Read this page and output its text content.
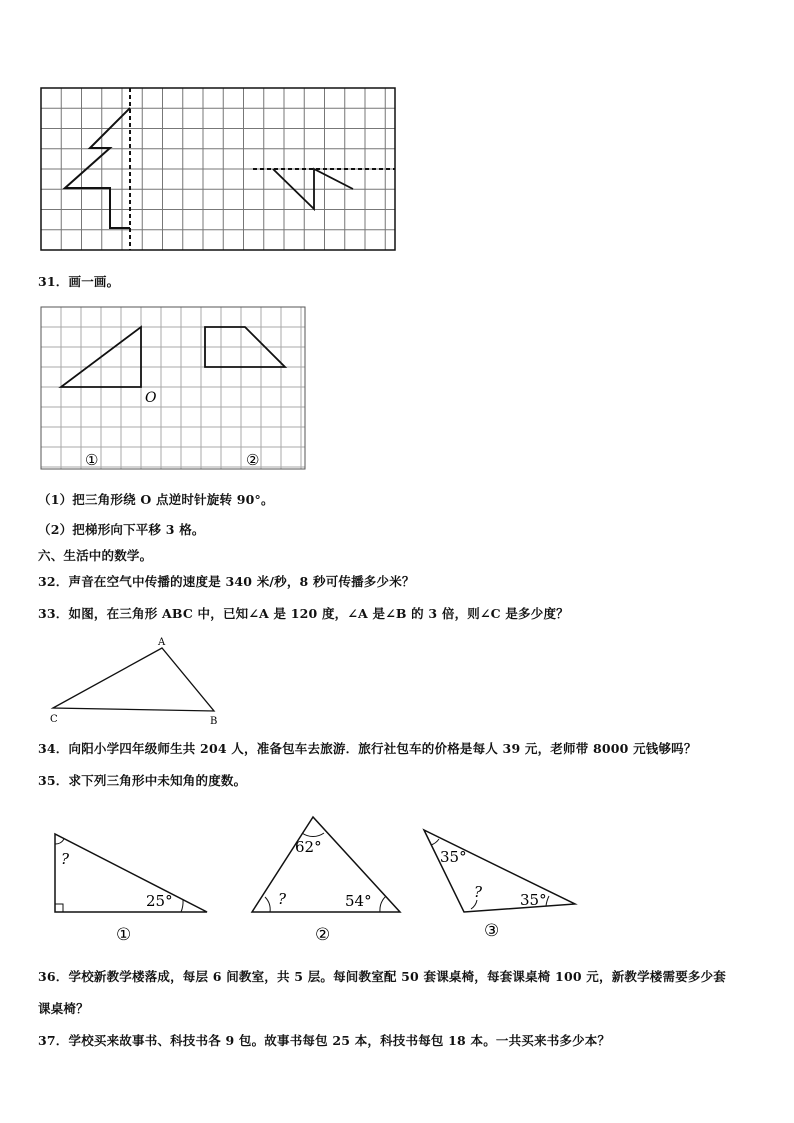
31．画一画。
O
①	②
（1）把三角形绕 O 点逆时针旋转 90°。
（2）把梯形向下平移 3 格。
六、生活中的数学。
32．声音在空气中传播的速度是 340 米/秒，8 秒可传播多少米？
33．如图，在三角形 ABC 中，已知∠A 是 120 度，∠A 是∠B 的 3 倍，则∠C 是多少度？
A
C	B
34．向阳小学四年级师生共 204 人，准备包车去旅游．旅行社包车的价格是每人 39 元，老师带 8000 元钱够吗？
35．求下列三角形中未知角的度数。
?
25°
①
62°
?	54°
②
35°
?	35°
③
36．学校新教学楼落成，每层 6 间教室，共 5 层。每间教室配 50 套课桌椅，每套课桌椅 100 元，新教学楼需要多少套
课桌椅？
37．学校买来故事书、科技书各 9 包。故事书每包 25 本，科技书每包 18 本。一共买来书多少本？
